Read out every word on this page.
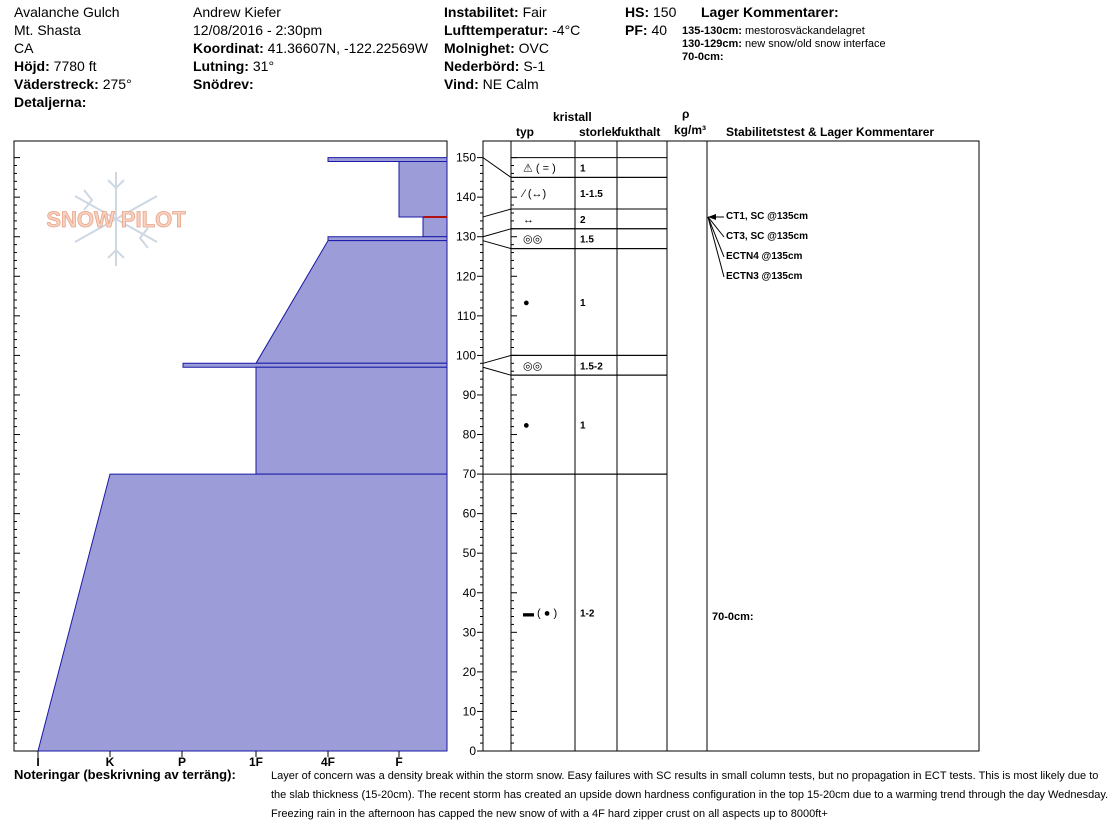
Avalanche Gulch
Mt. Shasta
CA
Höjd: 7780 ft
Väderstreck: 275°
Detaljerna:
Andrew Kiefer
12/08/2016 - 2:30pm
Koordinat: 41.36607N, -122.22569W
Lutning: 31°
Snödrev:
Instabilitet: Fair
Lufttemperatur: -4°C
Molnighet: OVC
Nederbörd: S-1
Vind: NE Calm
HS: 150
PF: 40
Lager Kommentarer:
135-130cm: mestorosväckandelagret
130-129cm: new snow/old snow interface
70-0cm:
kristall
typ	storlek
fukthalt
ρ
kg/m³ Stabilitetstest & Lager Kommentarer
SNOW PILOT
I	K	P	1F	4F	F
0
10
20
30
40
50
60
70
80
90
100
110
120
130
140
150
⚠ ( = ) 1
⁄ (↔)	1-1.5
↔	2
◎◎	1.5
●	1
◎◎	1.5-2
●	1
▬ ( ● ) 1-2
CT1, SC @135cm
CT3, SC @135cm
ECTN4 @135cm
ECTN3 @135cm
70-0cm:
Noteringar (beskrivning av terräng):	Layer of concern was a density break within the storm snow. Easy failures with SC results in small column tests, but no propagation in ECT tests. This is most likely due to
the slab thickness (15-20cm). The recent storm has created an upside down hardness configuration in the top 15-20cm due to a warming trend through the day Wednesday.
Freezing rain in the afternoon has capped the new snow of with a 4F hard zipper crust on all aspects up to 8000ft+
